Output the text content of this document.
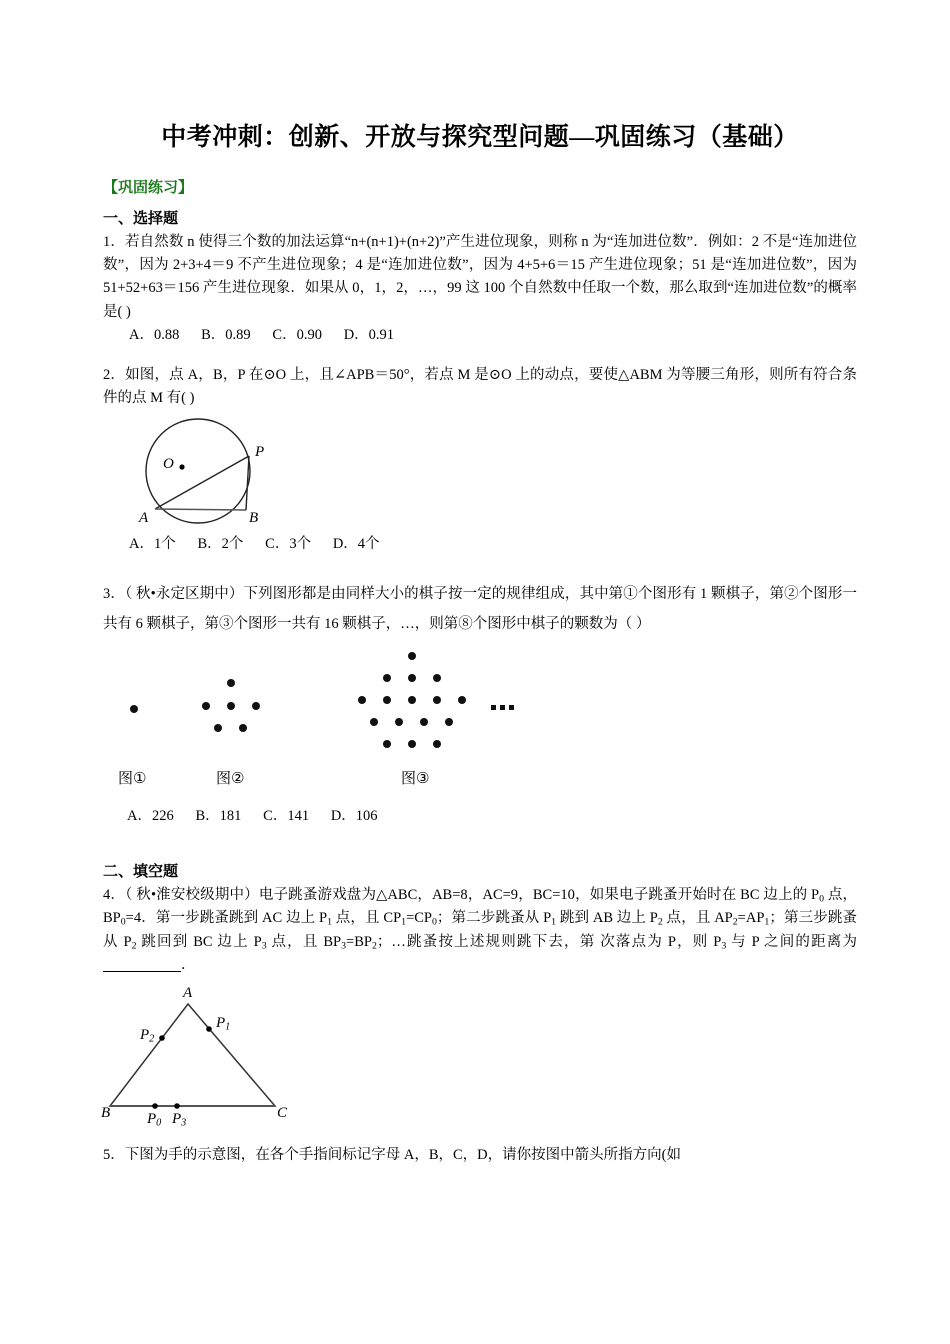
中考冲刺：创新、开放与探究型问题—巩固练习（基础）
【巩固练习】
一、选择题
1．若自然数 n 使得三个数的加法运算“n+(n+1)+(n+2)”产生进位现象，则称 n 为“连加进位数”．例如：2 不是“连加进位数”，因为 2+3+4＝9 不产生进位现象；4 是“连加进位数”，因为 4+5+6＝15 产生进位现象；51 是“连加进位数”，因为 51+52+63＝156 产生进位现象．如果从 0，1，2，…，99 这 100 个自然数中任取一个数，那么取到“连加进位数”的概率是( )
A．0.88      B．0.89      C．0.90      D．0.91
2．如图，点 A，B，P 在⊙O 上，且∠APB＝50°，若点 M 是⊙O 上的动点，要使△ABM 为等腰三角形，则所有符合条件的点 M 有( )
O
A	B
P
A．1个      B．2个      C．3个      D．4个
3．（ 秋•永定区期中）下列图形都是由同样大小的棋子按一定的规律组成，其中第①个图形有 1 颗棋子，第②个图形一共有 6 颗棋子，第③个图形一共有 16 颗棋子，…，则第⑧个图形中棋子的颗数为（ ）
图①	图②	图③
A．226      B．181      C．141      D．106
二、填空题
4．（ 秋•淮安校级期中）电子跳蚤游戏盘为△ABC，AB=8，AC=9，BC=10，如果电子跳蚤开始时在 BC 边上的 $P_0$ 点，$BP_0=4$．第一步跳蚤跳到 AC 边上 $P_1$ 点，且 $CP_1=CP_0$；第二步跳蚤从 $P_1$ 跳到 AB 边上 $P_2$ 点，且 $AP_2=AP_1$；第三步跳蚤从 $P_2$ 跳回到 BC 边上 $P_3$ 点，且 $BP_3=BP_2$；…跳蚤按上述规则跳下去，第 次落点为 P，则 $P_3$ 与 P 之间的距离为．
A
B	C
$P_2$
$P_1$
$P_0$ $P_3$
5．下图为手的示意图，在各个手指间标记字母 A，B，C，D，请你按图中箭头所指方向(如
